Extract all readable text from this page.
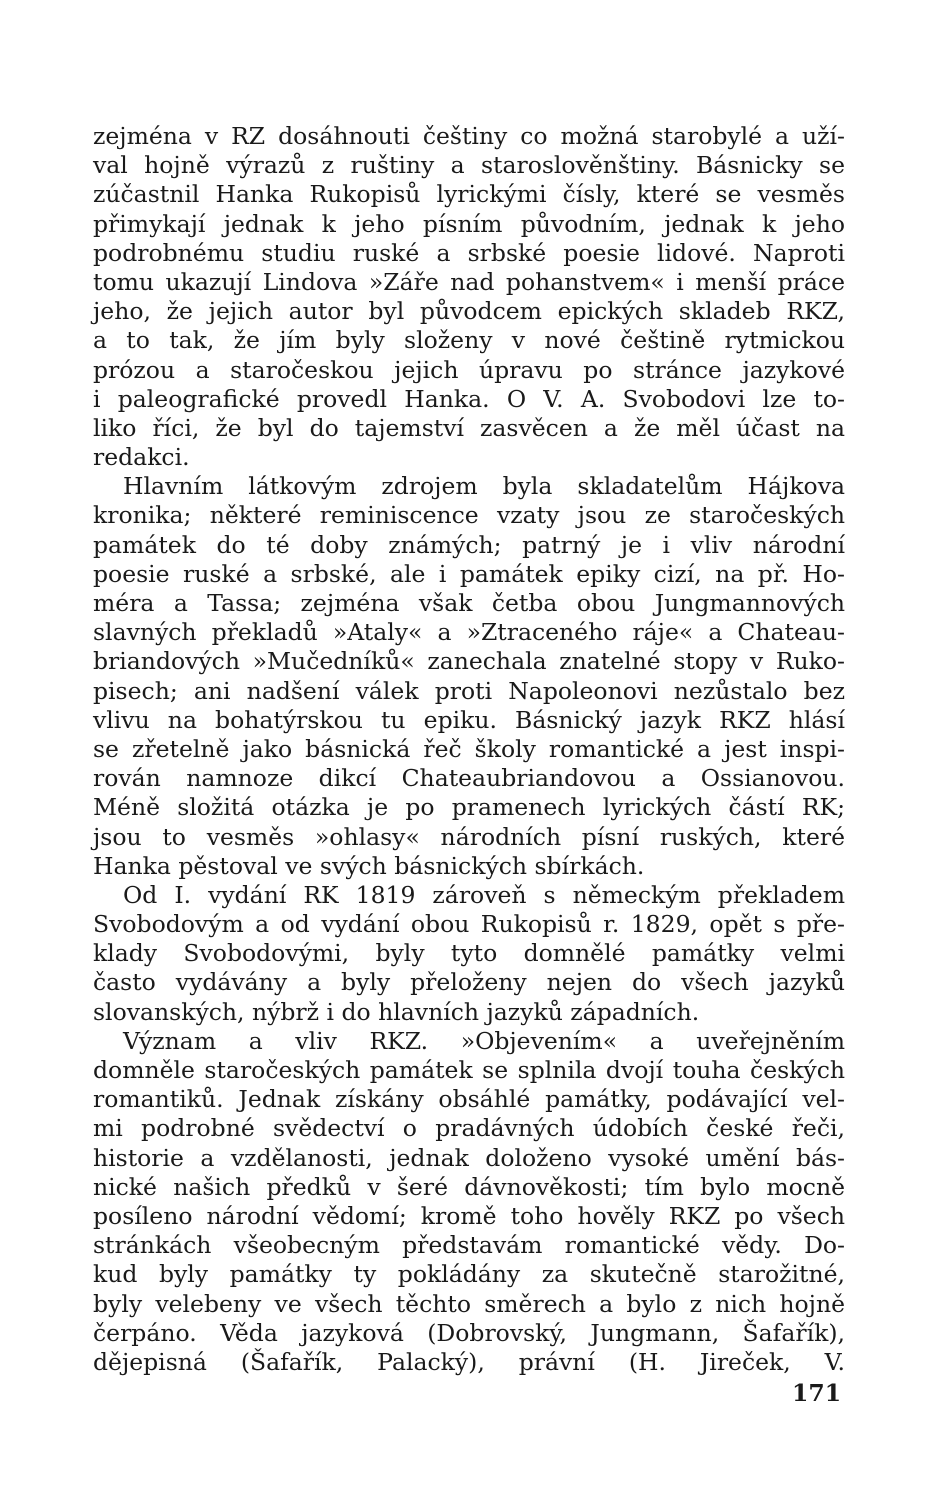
zejména v RZ dosáhnouti češtiny co možná starobylé a uží-
val hojně výrazů z ruštiny a staroslověnštiny. Básnicky se
zúčastnil Hanka Rukopisů lyrickými čísly, které se vesměs
přimykají jednak k jeho písním původním, jednak k jeho
podrobnému studiu ruské a srbské poesie lidové. Naproti
tomu ukazují Lindova »Záře nad pohanstvem« i menší práce
jeho, že jejich autor byl původcem epických skladeb RKZ,
a to tak, že jím byly složeny v nové češtině rytmickou
prózou a staročeskou jejich úpravu po stránce jazykové
i paleografické provedl Hanka. O V. A. Svobodovi lze to-
liko říci, že byl do tajemství zasvěcen a že měl účast na
redakci.
Hlavním látkovým zdrojem byla skladatelům Hájkova
kronika; některé reminiscence vzaty jsou ze staročeských
památek do té doby známých; patrný je i vliv národní
poesie ruské a srbské, ale i památek epiky cizí, na př. Ho-
méra a Tassa; zejména však četba obou Jungmannových
slavných překladů »Ataly« a »Ztraceného ráje« a Chateau-
briandových »Mučedníků« zanechala znatelné stopy v Ruko-
pisech; ani nadšení válek proti Napoleonovi nezůstalo bez
vlivu na bohatýrskou tu epiku. Básnický jazyk RKZ hlásí
se zřetelně jako básnická řeč školy romantické a jest inspi-
rován namnoze dikcí Chateaubriandovou a Ossianovou.
Méně složitá otázka je po pramenech lyrických částí RK;
jsou to vesměs »ohlasy« národních písní ruských, které
Hanka pěstoval ve svých básnických sbírkách.
Od I. vydání RK 1819 zároveň s německým překladem
Svobodovým a od vydání obou Rukopisů r. 1829, opět s pře-
klady Svobodovými, byly tyto domnělé památky velmi
často vydávány a byly přeloženy nejen do všech jazyků
slovanských, nýbrž i do hlavních jazyků západních.
Význam a vliv RKZ. »Objevením« a uveřejněním
domněle staročeských památek se splnila dvojí touha českých
romantiků. Jednak získány obsáhlé památky, podávající vel-
mi podrobné svědectví o pradávných údobích české řeči,
historie a vzdělanosti, jednak doloženo vysoké umění bás-
nické našich předků v šeré dávnověkosti; tím bylo mocně
posíleno národní vědomí; kromě toho hověly RKZ po všech
stránkách všeobecným představám romantické vědy. Do-
kud byly památky ty pokládány za skutečně starožitné,
byly velebeny ve všech těchto směrech a bylo z nich hojně
čerpáno. Věda jazyková (Dobrovský, Jungmann, Šafařík),
dějepisná (Šafařík, Palacký), právní (H. Jireček, V.
171
